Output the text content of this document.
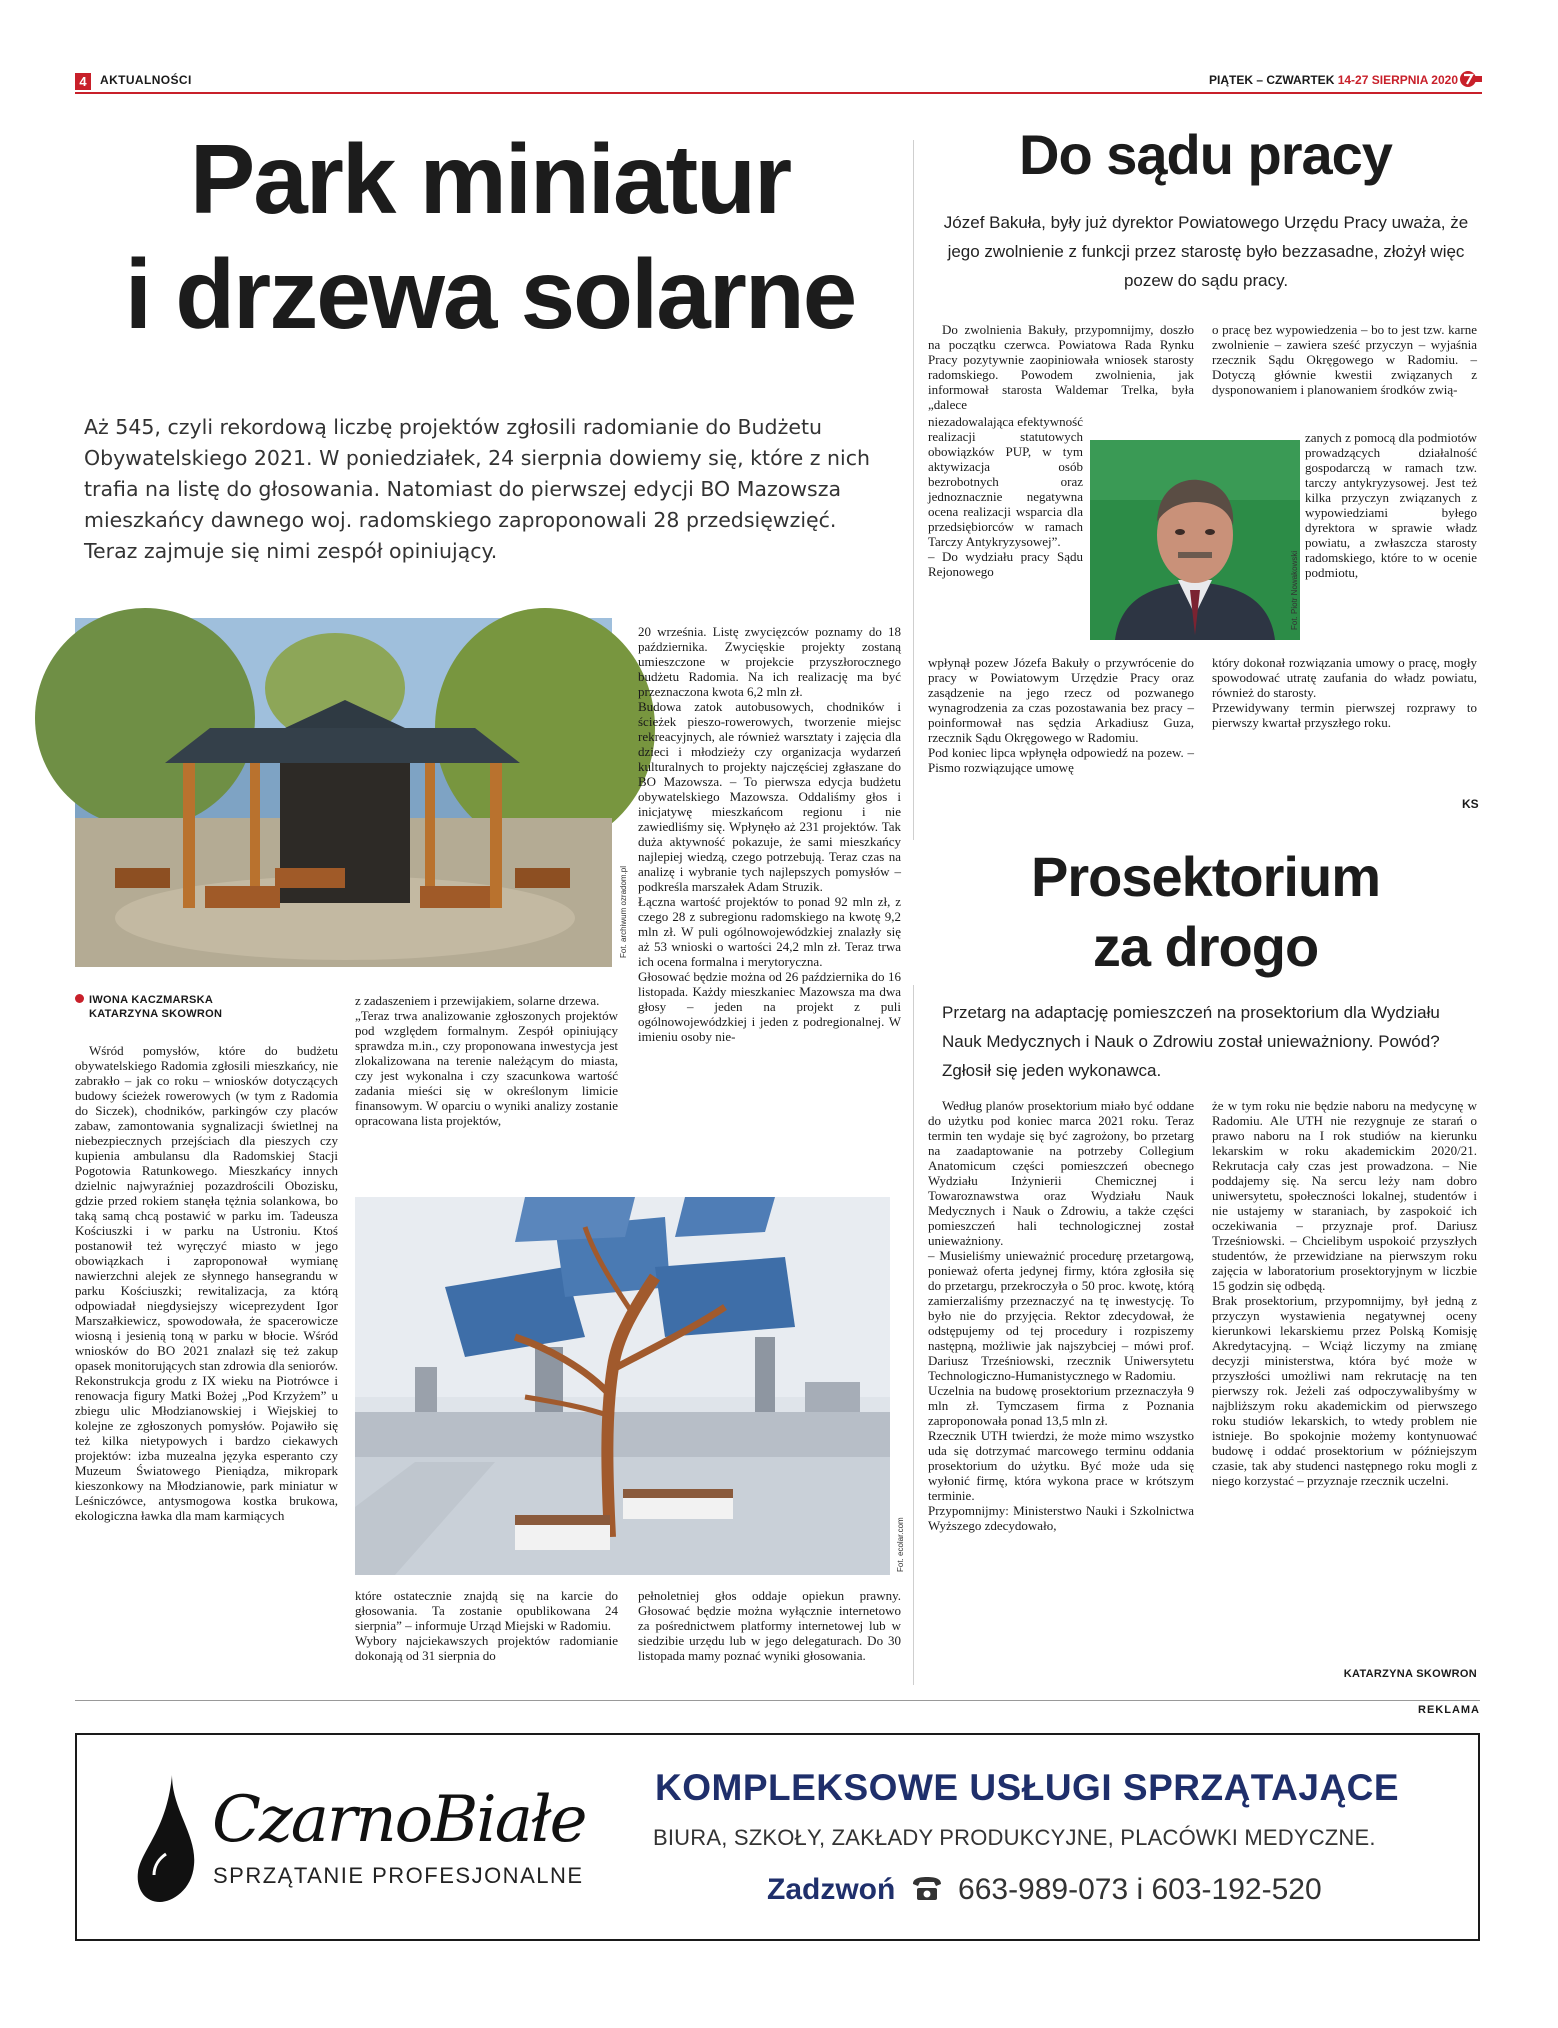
4	AKTUALNOŚCI	PIĄTEK – CZWARTEK 14-27 SIERPNIA 2020
Park miniatur
i drzewa solarne
Aż 545, czyli rekordową liczbę projektów zgłosili radomianie do Budżetu Obywatelskiego 2021. W poniedziałek, 24 sierpnia dowiemy się, które z nich trafia na listę do głosowania. Natomiast do pierwszej edycji BO Mazowsza mieszkańcy dawnego woj. radomskiego zaproponowali 28 przedsięwzięć. Teraz zajmuje się nimi zespół opiniujący.
Fot. archiwum ozradom.pl
IWONA KACZMARSKA
KATARZYNA SKOWRON
Wśród pomysłów, które do budżetu obywatelskiego Radomia zgłosili mieszkańcy, nie zabrakło – jak co roku – wniosków dotyczących budowy ścieżek rowerowych (w tym z Radomia do Siczek), chodników, parkingów czy placów zabaw, zamontowania sygnalizacji świetlnej na niebezpiecznych przejściach dla pieszych czy kupienia ambulansu dla Radomskiej Stacji Pogotowia Ratunkowego. Mieszkańcy innych dzielnic najwyraźniej pozazdrościli Obozisku, gdzie przed rokiem stanęła tężnia solankowa, bo taką samą chcą postawić w parku im. Tadeusza Kościuszki i w parku na Ustroniu. Ktoś postanowił też wyręczyć miasto w jego obowiązkach i zaproponował wymianę nawierzchni alejek ze słynnego hansegrandu w parku Kościuszki; rewitalizacja, za którą odpowiadał niegdysiejszy wiceprezydent Igor Marszałkiewicz, spowodowała, że spacerowicze wiosną i jesienią toną w parku w błocie. Wśród wniosków do BO 2021 znalazł się też zakup opasek monitorujących stan zdrowia dla seniorów. Rekonstrukcja grodu z IX wieku na Piotrówce i renowacja figury Matki Bożej „Pod Krzyżem” u zbiegu ulic Młodzianowskiej i Wiejskiej to kolejne ze zgłoszonych pomysłów. Pojawiło się też kilka nietypowych i bardzo ciekawych projektów: izba muzealna języka esperanto czy Muzeum Światowego Pieniądza, mikropark kieszonkowy na Młodzianowie, park miniatur w Leśniczówce, antysmogowa kostka brukowa, ekologiczna ławka dla mam karmiących
z zadaszeniem i przewijakiem, solarne drzewa.
„Teraz trwa analizowanie zgłoszonych projektów pod względem formalnym. Zespół opiniujący sprawdza m.in., czy proponowana inwestycja jest zlokalizowana na terenie należącym do miasta, czy jest wykonalna i czy szacunkowa wartość zadania mieści się w określonym limicie finansowym. W oparciu o wyniki analizy zostanie opracowana lista projektów,
które ostatecznie znajdą się na karcie do głosowania. Ta zostanie opublikowana 24 sierpnia” – informuje Urząd Miejski w Radomiu.
Wybory najciekawszych projektów radomianie dokonają od 31 sierpnia do
20 września. Listę zwycięzców poznamy do 18 października. Zwycięskie projekty zostaną umieszczone w projekcie przyszłorocznego budżetu Radomia. Na ich realizację ma być przeznaczona kwota 6,2 mln zł.
Budowa zatok autobusowych, chodników i ścieżek pieszo-rowerowych, tworzenie miejsc rekreacyjnych, ale również warsztaty i zajęcia dla dzieci i młodzieży czy organizacja wydarzeń kulturalnych to projekty najczęściej zgłaszane do BO Mazowsza. – To pierwsza edycja budżetu obywatelskiego Mazowsza. Oddaliśmy głos i inicjatywę mieszkańcom regionu i nie zawiedliśmy się. Wpłynęło aż 231 projektów. Tak duża aktywność pokazuje, że sami mieszkańcy najlepiej wiedzą, czego potrzebują. Teraz czas na analizę i wybranie tych najlepszych pomysłów – podkreśla marszałek Adam Struzik.
Łączna wartość projektów to ponad 92 mln zł, z czego 28 z subregionu radomskiego na kwotę 9,2 mln zł. W puli ogólnowojewódzkiej znalazły się aż 53 wnioski o wartości 24,2 mln zł. Teraz trwa ich ocena formalna i merytoryczna.
Głosować będzie można od 26 października do 16 listopada. Każdy mieszkaniec Mazowsza ma dwa głosy – jeden na projekt z puli ogólnowojewódzkiej i jeden z podregionalnej. W imieniu osoby nie-
pełnoletniej głos oddaje opiekun prawny. Głosować będzie można wyłącznie internetowo za pośrednictwem platformy internetowej lub w siedzibie urzędu lub w jego delegaturach. Do 30 listopada mamy poznać wyniki głosowania.
Fot. ecolar.com
Do sądu pracy
Józef Bakuła, były już dyrektor Powiatowego Urzędu Pracy uważa, że jego zwolnienie z funkcji przez starostę było bezzasadne, złożył więc pozew do sądu pracy.
Do zwolnienia Bakuły, przypomnijmy, doszło na początku czerwca. Powiatowa Rada Rynku Pracy pozytywnie zaopiniowała wniosek starosty radomskiego. Powodem zwolnienia, jak informował starosta Waldemar Trelka, była „dalece
niezadowalająca efektywność realizacji statutowych obowiązków PUP, w tym aktywizacja osób bezrobotnych oraz jednoznacznie negatywna ocena realizacji wsparcia dla przedsiębiorców w ramach Tarczy Antykryzysowej”.
– Do wydziału pracy Sądu Rejonowego	Fot. Piotr Nowakowski
wpłynął pozew Józefa Bakuły o przywrócenie do pracy w Powiatowym Urzędzie Pracy oraz zasądzenie na jego rzecz od pozwanego wynagrodzenia za czas pozostawania bez pracy – poinformował nas sędzia Arkadiusz Guza, rzecznik Sądu Okręgowego w Radomiu.
Pod koniec lipca wpłynęła odpowiedź na pozew. – Pismo rozwiązujące umowę
o pracę bez wypowiedzenia – bo to jest tzw. karne zwolnienie – zawiera sześć przyczyn – wyjaśnia rzecznik Sądu Okręgowego w Radomiu. – Dotyczą głównie kwestii związanych z dysponowaniem i planowaniem środków zwią-
zanych z pomocą dla podmiotów prowadzących działalność gospodarczą w ramach tzw. tarczy antykryzysowej. Jest też kilka przyczyn związanych z wypowiedziami byłego dyrektora w sprawie władz powiatu, a zwłaszcza starosty radomskiego, które to w ocenie podmiotu,
który dokonał rozwiązania umowy o pracę, mogły spowodować utratę zaufania do władz powiatu, również do starosty.
Przewidywany termin pierwszej rozprawy to pierwszy kwartał przyszłego roku.
KS
Prosektorium
za drogo
Przetarg na adaptację pomieszczeń na prosektorium dla Wydziału Nauk Medycznych i Nauk o Zdrowiu został unieważniony. Powód? Zgłosił się jeden wykonawca.
Według planów prosektorium miało być oddane do użytku pod koniec marca 2021 roku. Teraz termin ten wydaje się być zagrożony, bo przetarg na zaadaptowanie na potrzeby Collegium Anatomicum części pomieszczeń obecnego Wydziału Inżynierii Chemicznej i Towaroznawstwa oraz Wydziału Nauk Medycznych i Nauk o Zdrowiu, a także części pomieszczeń hali technologicznej został unieważniony.
– Musieliśmy unieważnić procedurę przetargową, ponieważ oferta jedynej firmy, która zgłosiła się do przetargu, przekroczyła o 50 proc. kwotę, którą zamierzaliśmy przeznaczyć na tę inwestycję. To było nie do przyjęcia. Rektor zdecydował, że odstępujemy od tej procedury i rozpiszemy następną, możliwie jak najszybciej – mówi prof. Dariusz Trześniowski, rzecznik Uniwersytetu Technologiczno-Humanistycznego w Radomiu.
Uczelnia na budowę prosektorium przeznaczyła 9 mln zł. Tymczasem firma z Poznania zaproponowała ponad 13,5 mln zł.
Rzecznik UTH twierdzi, że może mimo wszystko uda się dotrzymać marcowego terminu oddania prosektorium do użytku. Być może uda się wyłonić firmę, która wykona prace w krótszym terminie.
Przypomnijmy: Ministerstwo Nauki i Szkolnictwa Wyższego zdecydowało,
że w tym roku nie będzie naboru na medycynę w Radomiu. Ale UTH nie rezygnuje ze starań o prawo naboru na I rok studiów na kierunku lekarskim w roku akademickim 2020/21. Rekrutacja cały czas jest prowadzona. – Nie poddajemy się. Na sercu leży nam dobro uniwersytetu, społeczności lokalnej, studentów i nie ustajemy w staraniach, by zaspokoić ich oczekiwania – przyznaje prof. Dariusz Trześniowski. – Chcielibym uspokoić przyszłych studentów, że przewidziane na pierwszym roku zajęcia w laboratorium prosektoryjnym w liczbie 15 godzin się odbędą.
Brak prosektorium, przypomnijmy, był jedną z przyczyn wystawienia negatywnej oceny kierunkowi lekarskiemu przez Polską Komisję Akredytacyjną. – Wciąż liczymy na zmianę decyzji ministerstwa, która być może w przyszłości umożliwi nam rekrutację na ten pierwszy rok. Jeżeli zaś odpoczywalibyśmy w najbliższym roku akademickim od pierwszego roku studiów lekarskich, to wtedy problem nie istnieje. Bo spokojnie możemy kontynuować budowę i oddać prosektorium w późniejszym czasie, tak aby studenci następnego roku mogli z niego korzystać – przyznaje rzecznik uczelni.
KATARZYNA SKOWRON
REKLAMA
CzarnoBiałe
SPRZĄTANIE PROFESJONALNE
KOMPLEKSOWE USŁUGI SPRZĄTAJĄCE
BIURA, SZKOŁY, ZAKŁADY PRODUKCYJNE, PLACÓWKI MEDYCZNE.
Zadzwoń 663-989-073 i 603-192-520
